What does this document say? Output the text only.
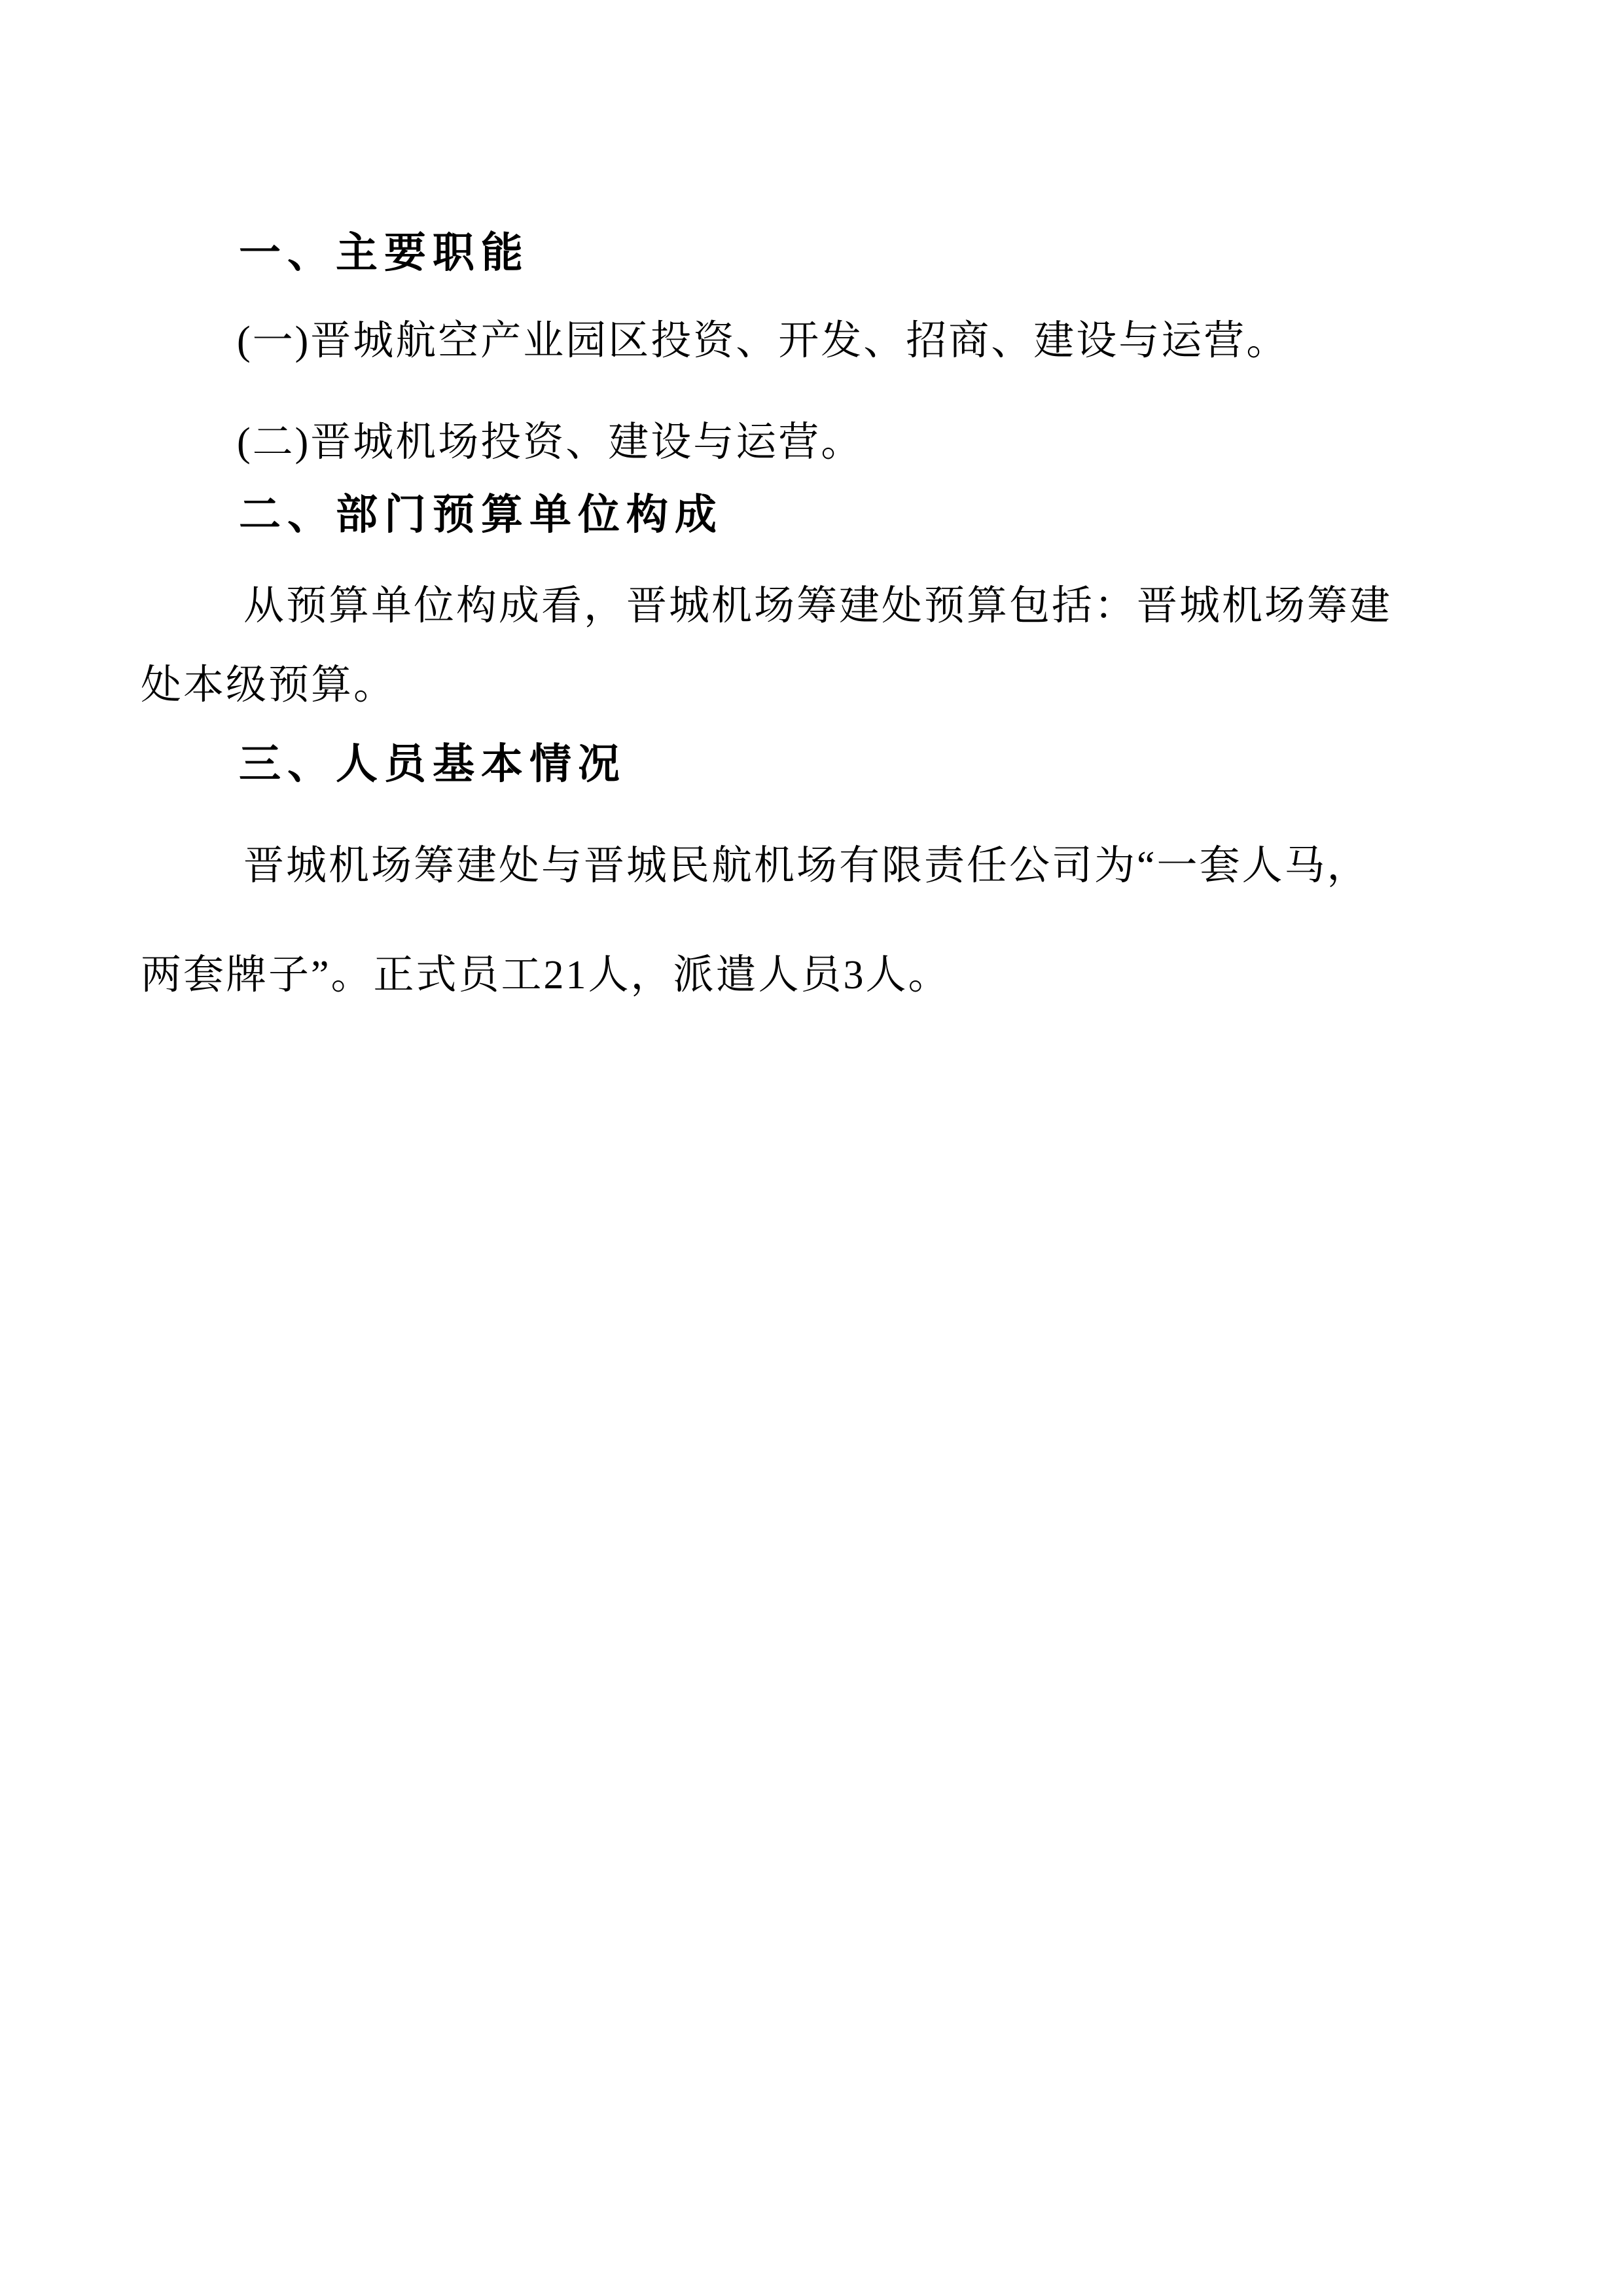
一、主要职能
(一)晋城航空产业园区投资、开发、招商、建设与运营。
(二)晋城机场投资、建设与运营。
二、部门预算单位构成
从预算单位构成看，晋城机场筹建处预算包括：晋城机场筹建
处本级预算。
三、人员基本情况
晋城机场筹建处与晋城民航机场有限责任公司为“一套人马，
两套牌子”。正式员工21人，派遣人员3人。
